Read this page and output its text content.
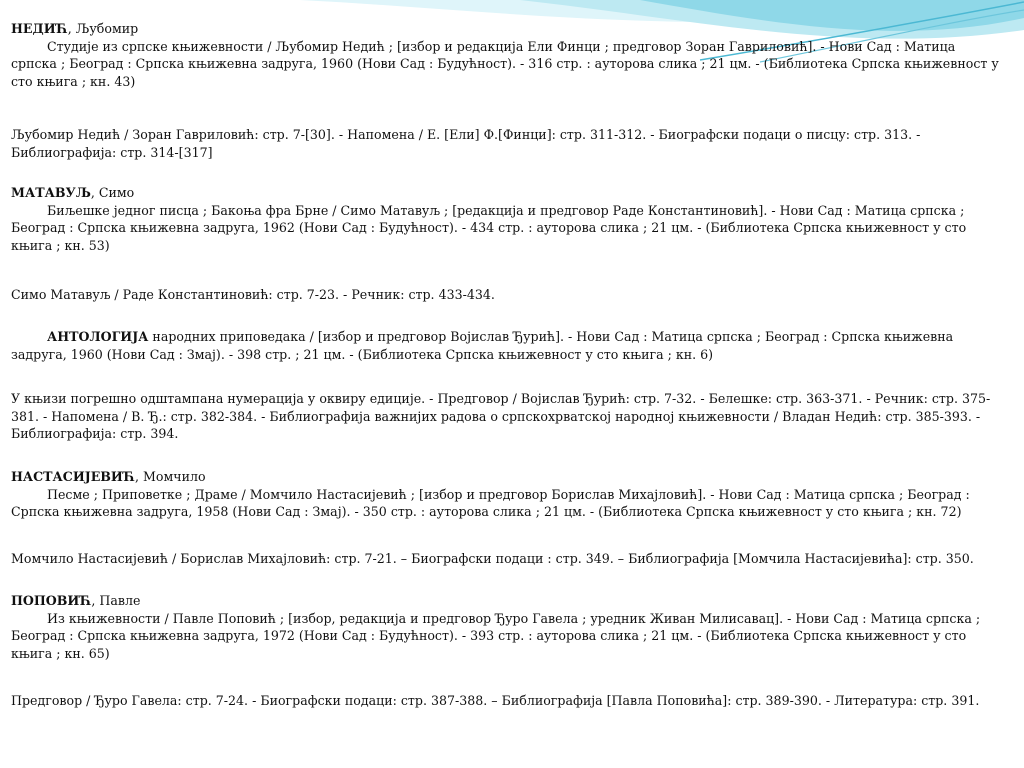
НЕДИЋ, Љубомир

Студије из српске књижевности / Љубомир Недић ; [избор и редакција Ели Финци ; предговор Зоран Гавриловић]. - Нови Сад : Матица српска ; Београд : Српска књижевна задруга, 1960 (Нови Сад : Будућност). - 316 стр. : ауторова слика ; 21 цм. - (Библиотека Српска књижевност у сто књига ; кн. 43)

Љубомир Недић / Зоран Гавриловић: стр. 7-[30]. - Напомена / Е. [Ели] Ф.[Финци]: стр. 311-312. - Биографски подаци о писцу: стр. 313. - Библиографија: стр. 314-[317]

МАТАВУЉ, Симо

Биљешке једног писца ; Бакоња фра Брне / Симо Матавуљ ; [редакција и предговор Раде Константиновић]. - Нови Сад : Матица српска ; Београд : Српска књижевна задруга, 1962 (Нови Сад : Будућност). - 434 стр. : ауторова слика ; 21 цм. - (Библиотека Српска књижевност у сто књига ; кн. 53)

Симо Матавуљ / Раде Константиновић: стр. 7-23. - Речник: стр. 433-434.

АНТОЛОГИЈА народних приповедака / [избор и предговор Војислав Ђурић]. - Нови Сад : Матица српска ; Београд : Српска књижевна задруга, 1960 (Нови Сад : Змај). - 398 стр. ; 21 цм. - (Библиотека Српска књижевност у сто књига ; кн. 6)

У књизи погрешно одштампана нумерација у оквиру едиције. - Предговор / Војислав Ђурић: стр. 7-32. - Белешке: стр. 363-371. - Речник: стр. 375-381. - Напомена / В. Ђ.: стр. 382-384. - Библиографија важнијих радова о српскохрватској народној књижевности / Владан Недић: стр. 385-393. - Библиографија: стр. 394.

НАСТАСИЈЕВИЋ, Момчило

Песме ; Приповетке ; Драме / Момчило Настасијевић ; [избор и предговор Борислав Михајловић]. - Нови Сад : Матица српска ; Београд : Српска књижевна задруга, 1958 (Нови Сад : Змај). - 350 стр. : ауторова слика ; 21 цм. - (Библиотека Српска књижевност у сто књига ; кн. 72)

Момчило Настасијевић / Борислав Михајловић: стр. 7-21. – Биографски подаци : стр. 349. – Библиографија [Момчила Настасијевића]: стр. 350.

ПОПОВИЋ, Павле

Из књижевности / Павле Поповић ; [избор, редакција и предговор Ђуро Гавела ; уредник Живан Милисавац]. - Нови Сад : Матица српска ; Београд : Српска књижевна задруга, 1972 (Нови Сад : Будућност). - 393 стр. : ауторова слика ; 21 цм. - (Библиотека Српска књижевност у сто књига ; кн. 65)

Предговор / Ђуро Гавела: стр. 7-24. - Биографски подаци: стр. 387-388. – Библиографија [Павла Поповића]: стр. 389-390. - Литература: стр. 391.
